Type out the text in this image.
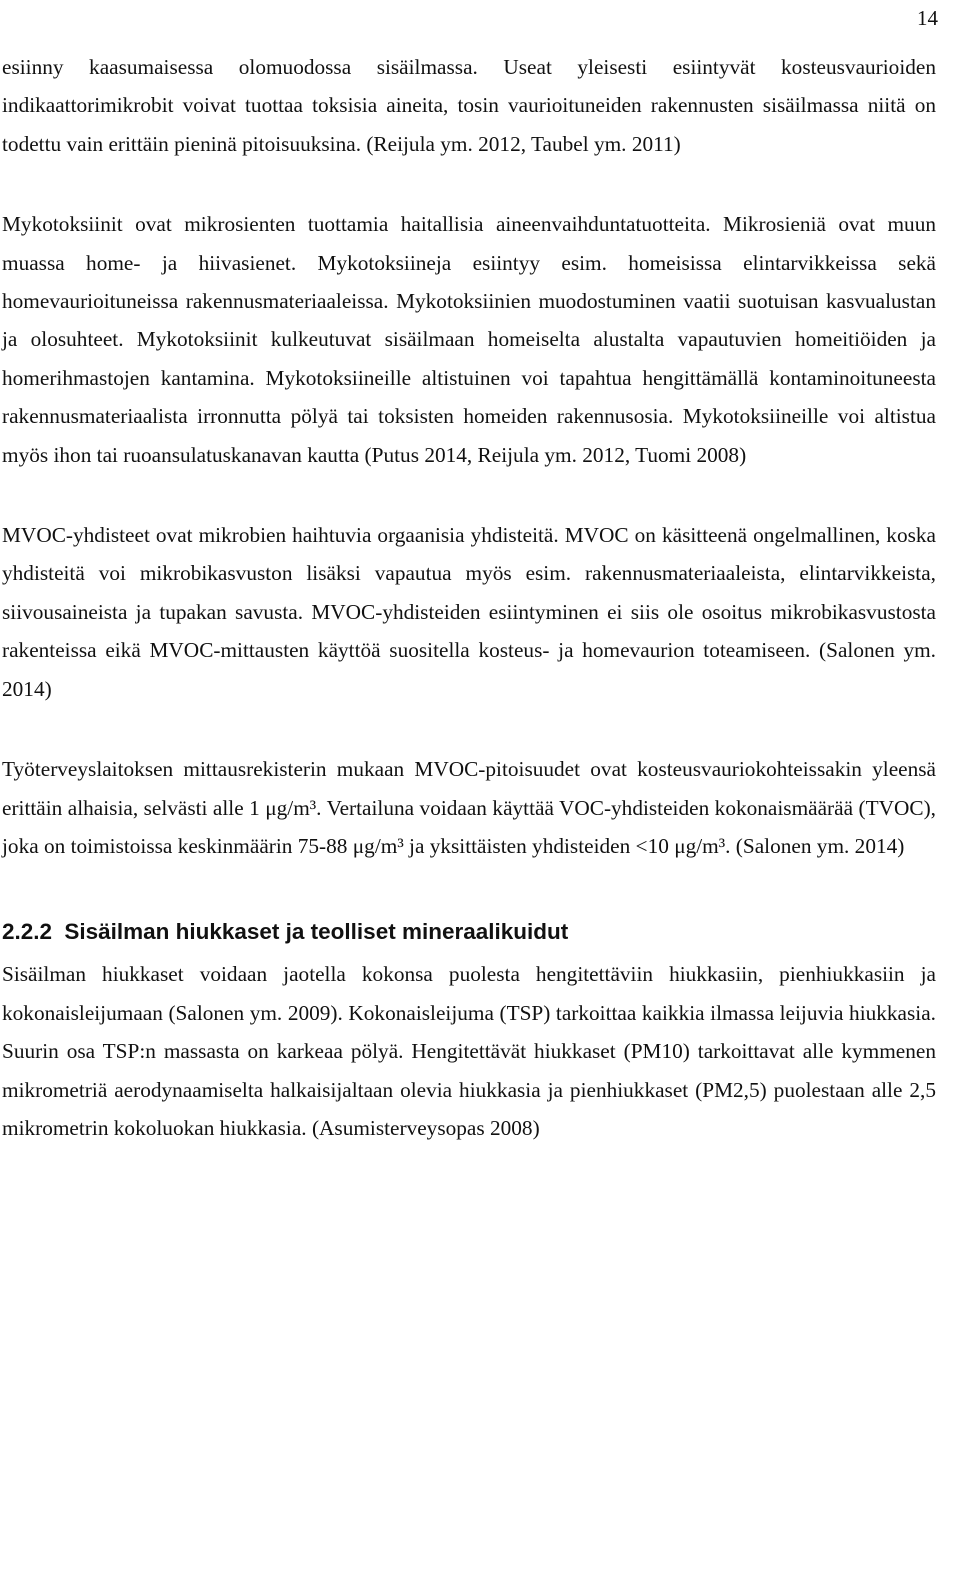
14

esiinny kaasumaisessa olomuodossa sisäilmassa. Useat yleisesti esiintyvät kosteusvaurioiden indikaattorimikrobit voivat tuottaa toksisia aineita, tosin vaurioituneiden rakennusten sisäilmassa niitä on todettu vain erittäin pieninä pitoisuuksina. (Reijula ym. 2012, Taubel ym. 2011)

Mykotoksiinit ovat mikrosienten tuottamia haitallisia aineenvaihduntatuotteita. Mikrosieniä ovat muun muassa home- ja hiivasienet. Mykotoksiineja esiintyy esim. homeisissa elintarvikkeissa sekä homevaurioituneissa rakennusmateriaaleissa. Mykotoksiinien muodostuminen vaatii suotuisan kasvualustan ja olosuhteet. Mykotoksiinit kulkeutuvat sisäilmaan homeiselta alustalta vapautuvien homeitiöiden ja homerihmastojen kantamina. Mykotoksiineille altistuinen voi tapahtua hengittämällä kontaminoituneesta rakennusmateriaalista irronnutta pölyä tai toksisten homeiden rakennusosia. Mykotoksiineille voi altistua myös ihon tai ruoansulatuskanavan kautta (Putus 2014, Reijula ym. 2012, Tuomi 2008)

MVOC-yhdisteet ovat mikrobien haihtuvia orgaanisia yhdisteitä. MVOC on käsitteenä ongelmallinen, koska yhdisteitä voi mikrobikasvuston lisäksi vapautua myös esim. rakennusmateriaaleista, elintarvikkeista, siivousaineista ja tupakan savusta. MVOC-yhdisteiden esiintyminen ei siis ole osoitus mikrobikasvustosta rakenteissa eikä MVOC-mittausten käyttöä suositella kosteus- ja homevaurion toteamiseen. (Salonen ym. 2014)

Työterveyslaitoksen mittausrekisterin mukaan MVOC-pitoisuudet ovat kosteusvauriokohteissakin yleensä erittäin alhaisia, selvästi alle 1 μg/m³. Vertailuna voidaan käyttää VOC-yhdisteiden kokonaismäärää (TVOC), joka on toimistoissa keskinmäärin 75-88 μg/m³ ja yksittäisten yhdisteiden <10 μg/m³. (Salonen ym. 2014)

2.2.2 Sisäilman hiukkaset ja teolliset mineraalikuidut

Sisäilman hiukkaset voidaan jaotella kokonsa puolesta hengitettäviin hiukkasiin, pienhiukkasiin ja kokonaisleijumaan (Salonen ym. 2009). Kokonaisleijuma (TSP) tarkoittaa kaikkia ilmassa leijuvia hiukkasia. Suurin osa TSP:n massasta on karkeaa pölyä. Hengitettävät hiukkaset (PM10) tarkoittavat alle kymmenen mikrometriä aerodynaamiselta halkaisijaltaan olevia hiukkasia ja pienhiukkaset (PM2,5) puolestaan alle 2,5 mikrometrin kokoluokan hiukkasia. (Asumisterveysopas 2008)
